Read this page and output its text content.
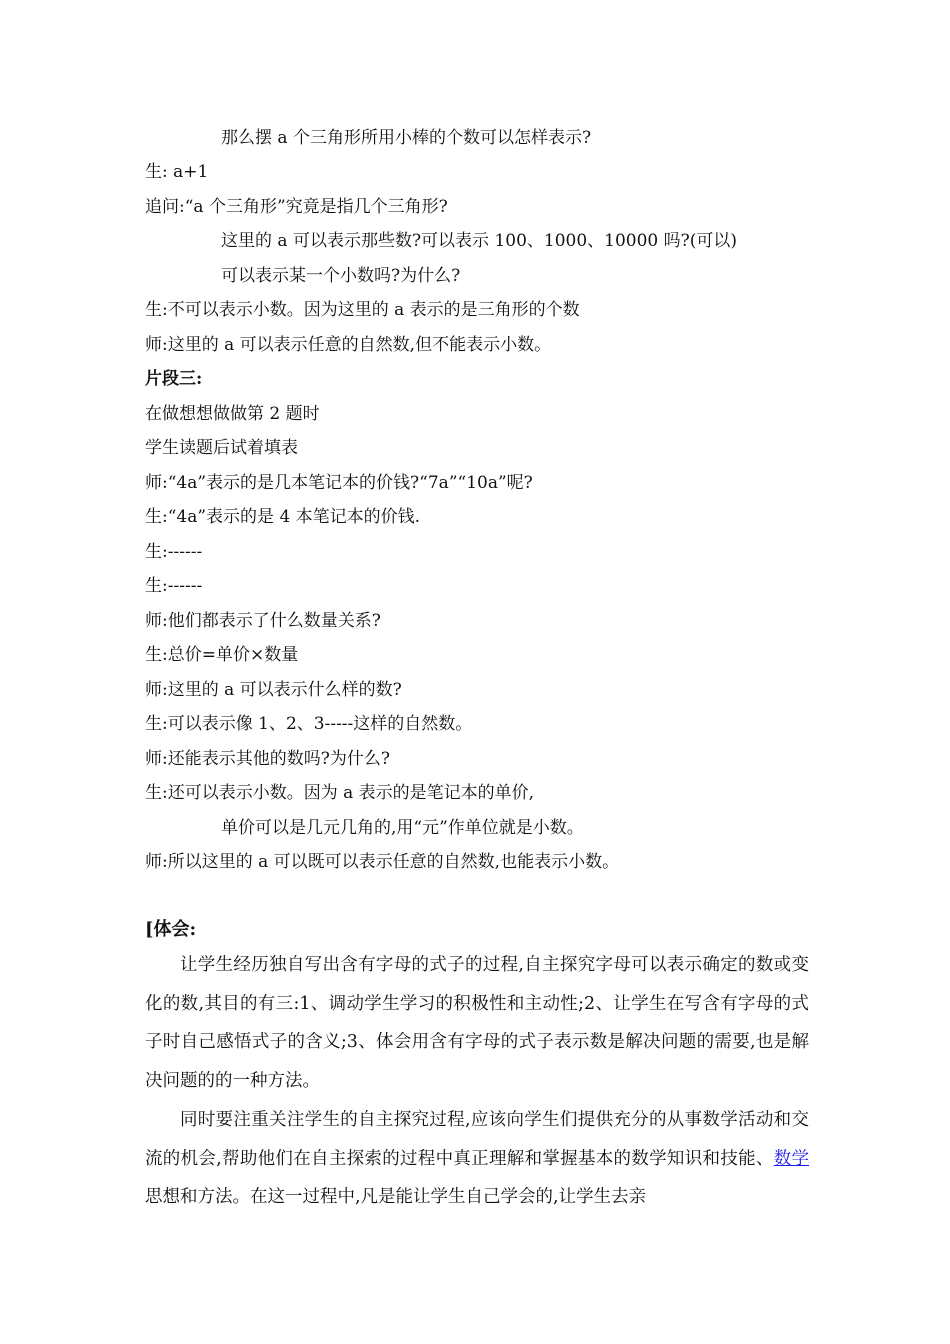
那么摆 a 个三角形所用小棒的个数可以怎样表示?
生: a+1
追问:“a 个三角形”究竟是指几个三角形?
这里的 a 可以表示那些数?可以表示 100、1000、10000 吗?(可以)
可以表示某一个小数吗?为什么?
生:不可以表示小数。因为这里的 a 表示的是三角形的个数
师:这里的 a 可以表示任意的自然数,但不能表示小数。
片段三:
在做想想做做第 2 题时
学生读题后试着填表
师:“4a”表示的是几本笔记本的价钱?“7a”“10a”呢?
生:“4a”表示的是 4 本笔记本的价钱.
生:------
生:------
师:他们都表示了什么数量关系?
生:总价=单价×数量
师:这里的 a 可以表示什么样的数?
生:可以表示像 1、2、3-----这样的自然数。
师:还能表示其他的数吗?为什么?
生:还可以表示小数。因为 a 表示的是笔记本的单价,
单价可以是几元几角的,用“元”作单位就是小数。
师:所以这里的 a 可以既可以表示任意的自然数,也能表示小数。
[体会:
让学生经历独自写出含有字母的式子的过程,自主探究字母可以表示确定的数或变化的数,其目的有三:1、调动学生学习的积极性和主动性;2、让学生在写含有字母的式子时自己感悟式子的含义;3、体会用含有字母的式子表示数是解决问题的需要,也是解决问题的的一种方法。
同时要注重关注学生的自主探究过程,应该向学生们提供充分的从事数学活动和交流的机会,帮助他们在自主探索的过程中真正理解和掌握基本的数学知识和技能、数学思想和方法。在这一过程中,凡是能让学生自己学会的,让学生去亲
